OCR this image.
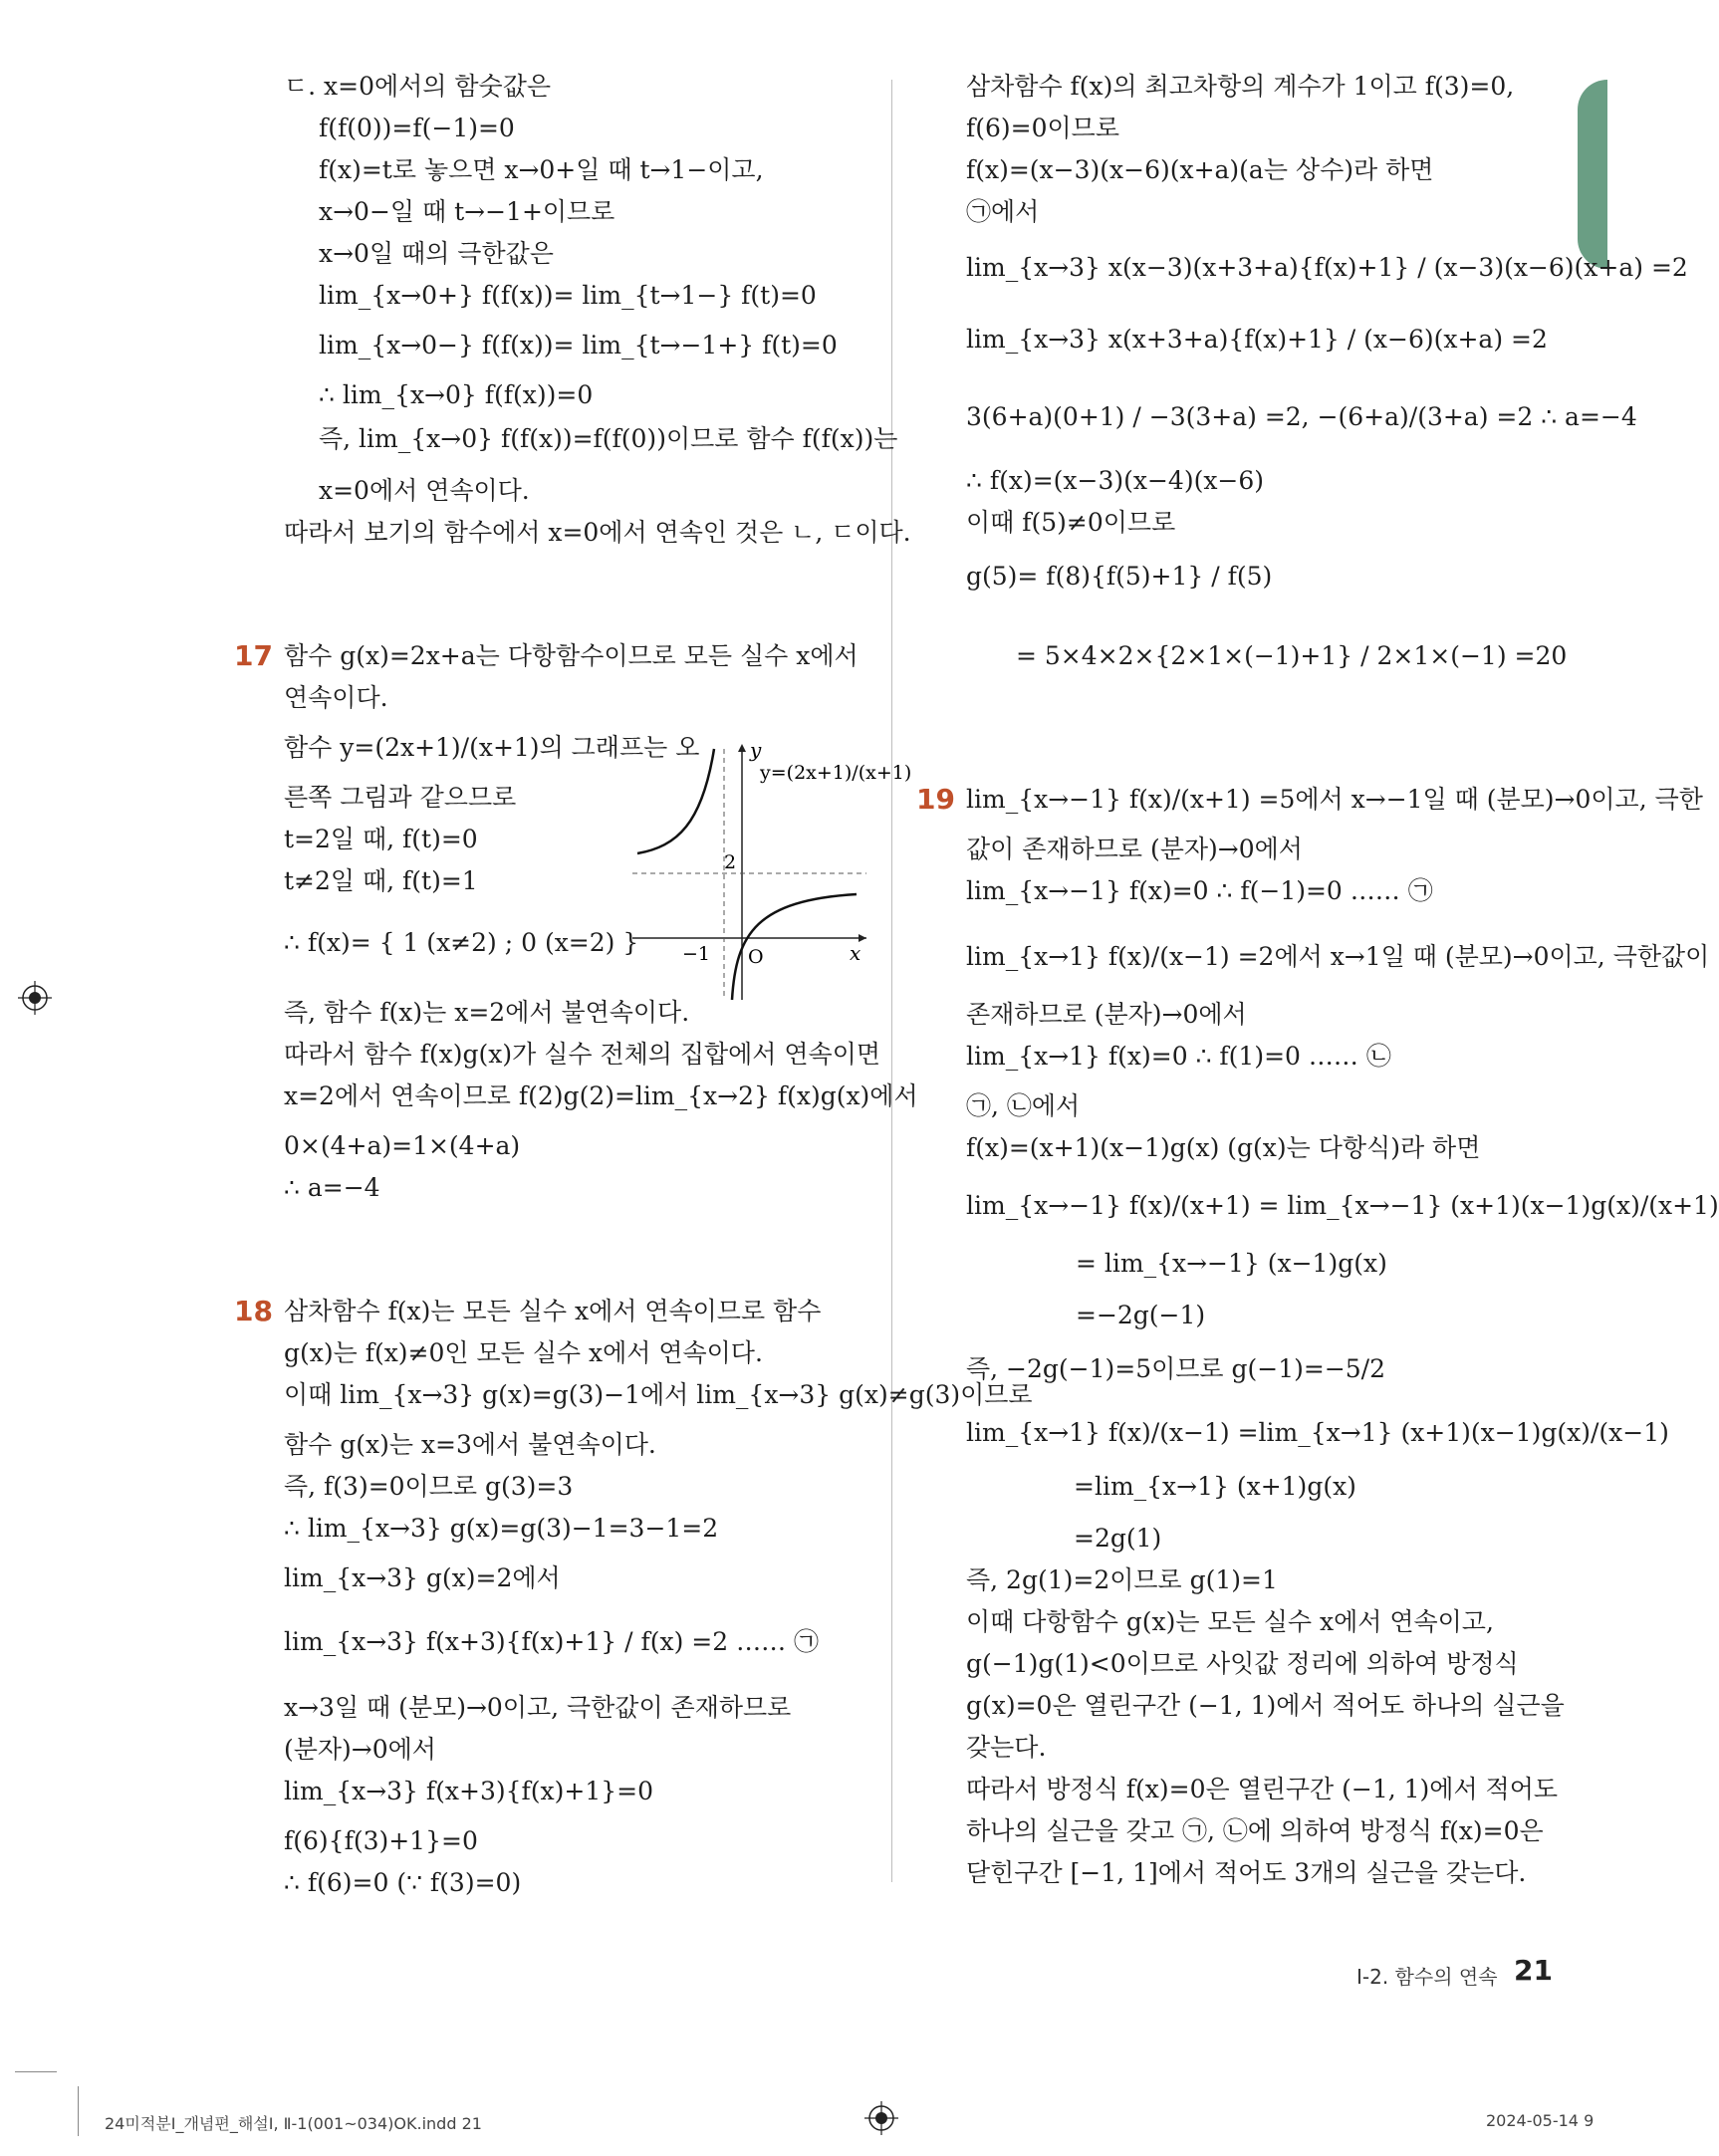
ㄷ. x=0에서의 함숫값은
f(f(0))=f(−1)=0
f(x)=t로 놓으면 x→0+일 때 t→1−이고,
x→0−일 때 t→−1+이므로
x→0일 때의 극한값은
lim_{x→0+} f(f(x))= lim_{t→1−} f(t)=0
lim_{x→0−} f(f(x))= lim_{t→−1+} f(t)=0
∴ lim_{x→0} f(f(x))=0
즉, lim_{x→0} f(f(x))=f(f(0))이므로 함수 f(f(x))는
x=0에서 연속이다.
따라서 보기의 함수에서 x=0에서 연속인 것은 ㄴ, ㄷ이다.
17 함수 g(x)=2x+a는 다항함수이므로 모든 실수 x에서
연속이다.
함수 y=(2x+1)/(x+1)의 그래프는 오
른쪽 그림과 같으므로
t=2일 때, f(t)=0
t≠2일 때, f(t)=1
∴ f(x)= { 1 (x≠2) ; 0 (x=2) }
즉, 함수 f(x)는 x=2에서 불연속이다.
따라서 함수 f(x)g(x)가 실수 전체의 집합에서 연속이면
x=2에서 연속이므로 f(2)g(2)=lim_{x→2} f(x)g(x)에서
0×(4+a)=1×(4+a)
∴ a=−4
y
x
y=(2x+1)/(x+1)
2
−1 O
18 삼차함수 f(x)는 모든 실수 x에서 연속이므로 함수
g(x)는 f(x)≠0인 모든 실수 x에서 연속이다.
이때 lim_{x→3} g(x)=g(3)−1에서 lim_{x→3} g(x)≠g(3)이므로
함수 g(x)는 x=3에서 불연속이다.
즉, f(3)=0이므로 g(3)=3
∴ lim_{x→3} g(x)=g(3)−1=3−1=2
lim_{x→3} g(x)=2에서
lim_{x→3} f(x+3){f(x)+1} / f(x) =2 …… ㉠
x→3일 때 (분모)→0이고, 극한값이 존재하므로
(분자)→0에서
lim_{x→3} f(x+3){f(x)+1}=0
f(6){f(3)+1}=0
∴ f(6)=0 (∵ f(3)=0)
삼차함수 f(x)의 최고차항의 계수가 1이고 f(3)=0,
f(6)=0이므로
f(x)=(x−3)(x−6)(x+a)(a는 상수)라 하면
㉠에서
lim_{x→3} x(x−3)(x+3+a){f(x)+1} / (x−3)(x−6)(x+a) =2
lim_{x→3} x(x+3+a){f(x)+1} / (x−6)(x+a) =2
3(6+a)(0+1) / −3(3+a) =2, −(6+a)/(3+a) =2 ∴ a=−4
∴ f(x)=(x−3)(x−4)(x−6)
이때 f(5)≠0이므로
g(5)= f(8){f(5)+1} / f(5)
= 5×4×2×{2×1×(−1)+1} / 2×1×(−1) =20
19 lim_{x→−1} f(x)/(x+1) =5에서 x→−1일 때 (분모)→0이고, 극한
값이 존재하므로 (분자)→0에서
lim_{x→−1} f(x)=0 ∴ f(−1)=0 …… ㉠
lim_{x→1} f(x)/(x−1) =2에서 x→1일 때 (분모)→0이고, 극한값이
존재하므로 (분자)→0에서
lim_{x→1} f(x)=0 ∴ f(1)=0 …… ㉡
㉠, ㉡에서
f(x)=(x+1)(x−1)g(x) (g(x)는 다항식)라 하면
lim_{x→−1} f(x)/(x+1) = lim_{x→−1} (x+1)(x−1)g(x)/(x+1)
= lim_{x→−1} (x−1)g(x)
=−2g(−1)
즉, −2g(−1)=5이므로 g(−1)=−5/2
lim_{x→1} f(x)/(x−1) =lim_{x→1} (x+1)(x−1)g(x)/(x−1)
=lim_{x→1} (x+1)g(x)
=2g(1)
즉, 2g(1)=2이므로 g(1)=1
이때 다항함수 g(x)는 모든 실수 x에서 연속이고,
g(−1)g(1)<0이므로 사잇값 정리에 의하여 방정식
g(x)=0은 열린구간 (−1, 1)에서 적어도 하나의 실근을
갖는다.
따라서 방정식 f(x)=0은 열린구간 (−1, 1)에서 적어도
하나의 실근을 갖고 ㉠, ㉡에 의하여 방정식 f(x)=0은
닫힌구간 [−1, 1]에서 적어도 3개의 실근을 갖는다.
I-2. 함수의 연속 21
24미적분Ⅰ_개념편_해설Ⅰ, Ⅱ-1(001~034)OK.indd 21	2024-05-14 9
